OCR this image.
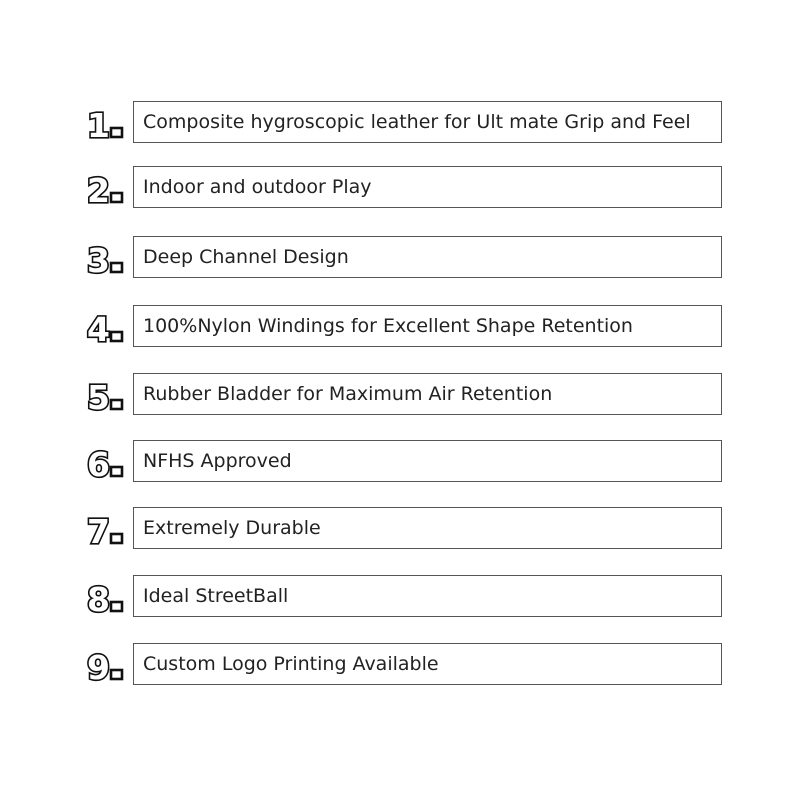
1	Composite hygroscopic leather for Ult mate Grip and Feel
2	Indoor and outdoor Play
3	Deep Channel Design
4	100%Nylon Windings for Excellent Shape Retention
5	Rubber Bladder for Maximum Air Retention
6	NFHS Approved
7	Extremely Durable
8	Ideal StreetBall
9	Custom Logo Printing Available
